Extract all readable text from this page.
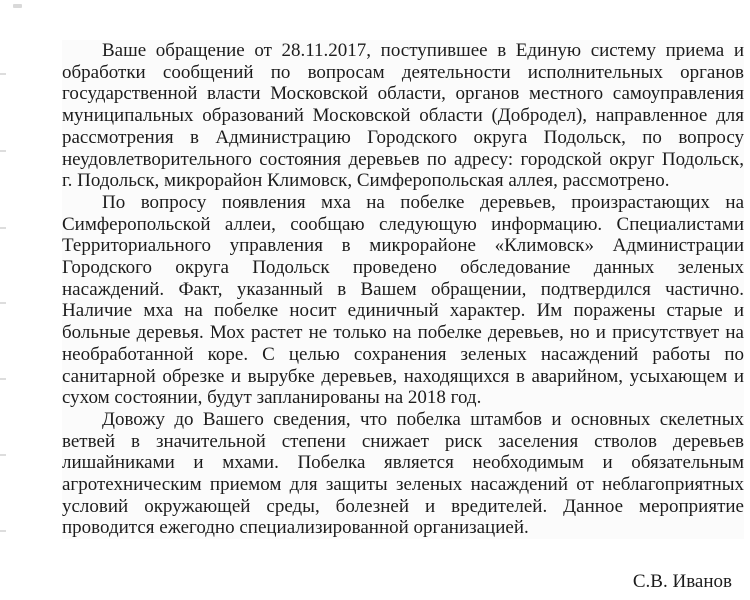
Ваше обращение от 28.11.2017, поступившее в Единую систему приема и
обработки сообщений по вопросам деятельности исполнительных органов
государственной власти Московской области, органов местного самоуправления
муниципальных образований Московской области (Добродел), направленное для
рассмотрения в Администрацию Городского округа Подольск, по вопросу
неудовлетворительного состояния деревьев по адресу: городской округ Подольск,
г. Подольск, микрорайон Климовск, Симферопольская аллея, рассмотрено.

По вопросу появления мха на побелке деревьев, произрастающих на
Симферопольской аллеи, сообщаю следующую информацию. Специалистами
Территориального управления в микрорайоне «Климовск» Администрации
Городского округа Подольск проведено обследование данных зеленых
насаждений. Факт, указанный в Вашем обращении, подтвердился частично.
Наличие мха на побелке носит единичный характер. Им поражены старые и
больные деревья. Мох растет не только на побелке деревьев, но и присутствует на
необработанной коре. С целью сохранения зеленых насаждений работы по
санитарной обрезке и вырубке деревьев, находящихся в аварийном, усыхающем и
сухом состоянии, будут запланированы на 2018 год.

Довожу до Вашего сведения, что побелка штамбов и основных скелетных
ветвей в значительной степени снижает риск заселения стволов деревьев
лишайниками и мхами. Побелка является необходимым и обязательным
агротехническим приемом для защиты зеленых насаждений от неблагоприятных
условий окружающей среды, болезней и вредителей. Данное мероприятие
проводится ежегодно специализированной организацией.

С.В. Иванов
